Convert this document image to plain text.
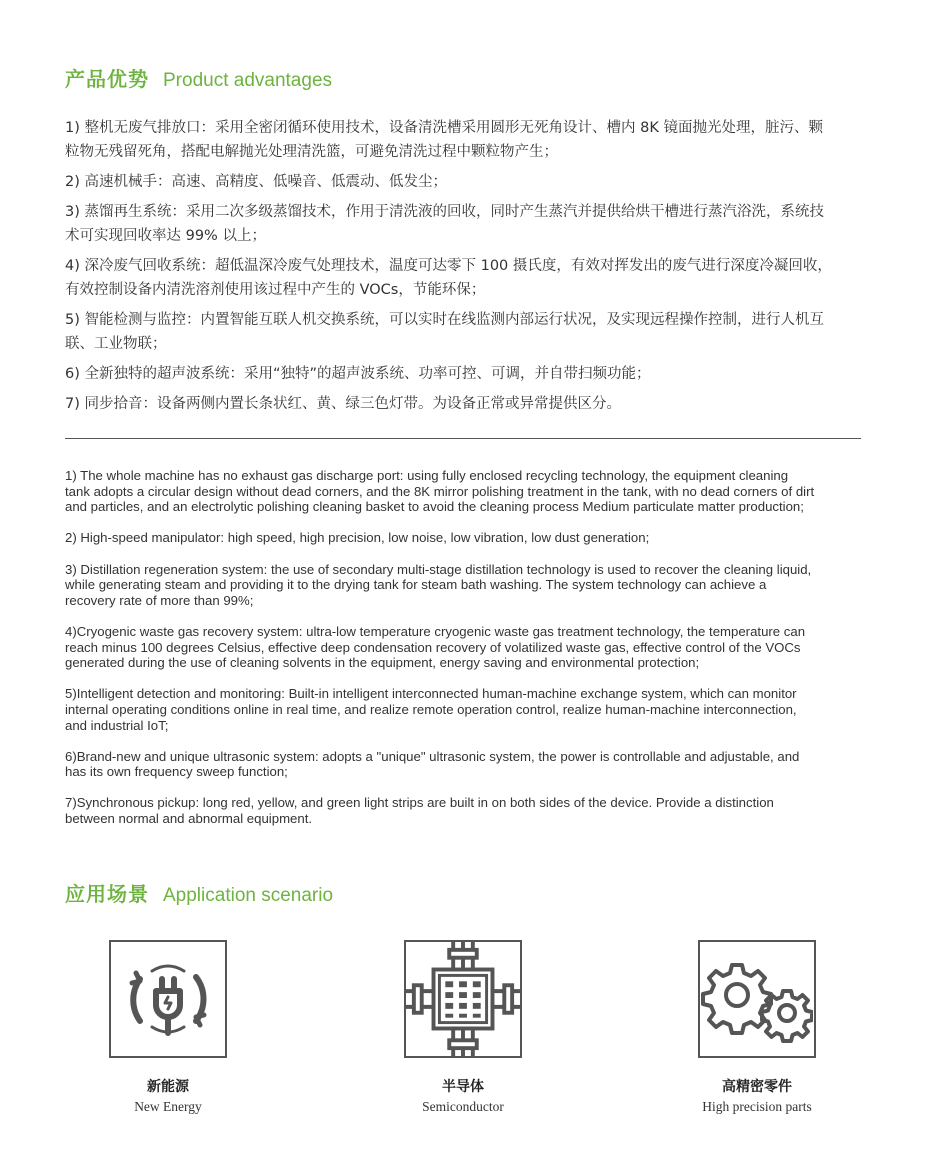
产品优势 Product advantages
1) 整机无废气排放口：采用全密闭循环使用技术，设备清洗槽采用圆形无死角设计、槽内 8K 镜面抛光处理，脏污、颗粒物无残留死角，搭配电解抛光处理清洗篮，可避免清洗过程中颗粒物产生；
2) 高速机械手：高速、高精度、低噪音、低震动、低发尘；
3) 蒸馏再生系统：采用二次多级蒸馏技术，作用于清洗液的回收，同时产生蒸汽并提供给烘干槽进行蒸汽浴洗，系统技术可实现回收率达 99% 以上；
4) 深冷废气回收系统：超低温深冷废气处理技术，温度可达零下 100 摄氏度，有效对挥发出的废气进行深度冷凝回收，有效控制设备内清洗溶剂使用该过程中产生的 VOCs，节能环保；
5) 智能检测与监控：内置智能互联人机交换系统，可以实时在线监测内部运行状况，及实现远程操作控制，进行人机互联、工业物联；
6) 全新独特的超声波系统：采用“独特”的超声波系统、功率可控、可调，并自带扫频功能；
7) 同步拾音：设备两侧内置长条状红、黄、绿三色灯带。为设备正常或异常提供区分。
1) The whole machine has no exhaust gas discharge port: using fully enclosed recycling technology, the equipment cleaning tank adopts a circular design without dead corners, and the 8K mirror polishing treatment in the tank, with no dead corners of dirt and particles, and an electrolytic polishing cleaning basket to avoid the cleaning process Medium particulate matter production;
2) High-speed manipulator: high speed, high precision, low noise, low vibration, low dust generation;
3) Distillation regeneration system: the use of secondary multi-stage distillation technology is used to recover the cleaning liquid, while generating steam and providing it to the drying tank for steam bath washing. The system technology can achieve a recovery rate of more than 99%;
4)Cryogenic waste gas recovery system: ultra-low temperature cryogenic waste gas treatment technology, the temperature can reach minus 100 degrees Celsius, effective deep condensation recovery of volatilized waste gas, effective control of the VOCs generated during the use of cleaning solvents in the equipment, energy saving and environmental protection;
5)Intelligent detection and monitoring: Built-in intelligent interconnected human-machine exchange system, which can monitor internal operating conditions online in real time, and realize remote operation control, realize human-machine interconnection, and industrial IoT;
6)Brand-new and unique ultrasonic system: adopts a "unique" ultrasonic system, the power is controllable and adjustable, and has its own frequency sweep function;
7)Synchronous pickup: long red, yellow, and green light strips are built in on both sides of the device. Provide a distinction between normal and abnormal equipment.
应用场景 Application scenario
新能源
New Energy
半导体
Semiconductor
高精密零件
High precision parts
